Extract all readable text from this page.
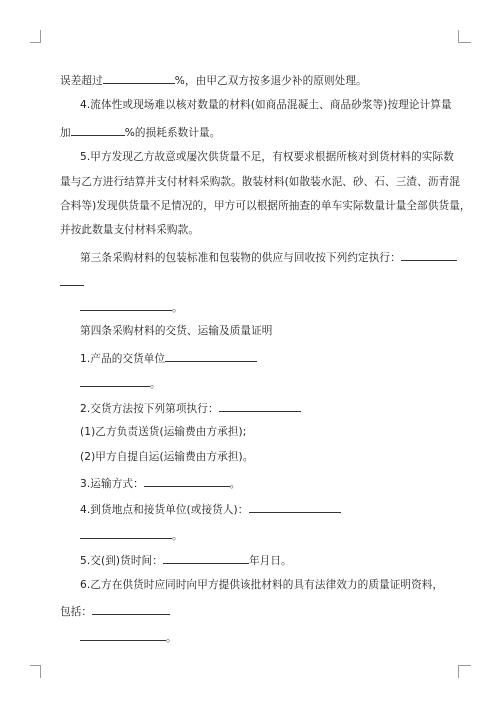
误差超过	%，由甲乙双方按多退少补的原则处理。
4.流体性或现场难以核对数量的材料(如商品混凝土、商品砂浆等)按理论计算量
加	%的损耗系数计量。
5.甲方发现乙方故意或屡次供货量不足，有权要求根据所核对到货材料的实际数
量与乙方进行结算并支付材料采购款。散装材料(如散装水泥、砂、石、三渣、沥青混
合料等)发现供货量不足情况的，甲方可以根据所抽查的单车实际数量计量全部供货量，
并按此数量支付材料采购款。
第三条采购材料的包装标准和包装物的供应与回收按下列约定执行：
。
第四条采购材料的交货、运输及质量证明
1.产品的交货单位
。
2.交货方法按下列第项执行：
(1)乙方负责送货(运输费由方承担);
(2)甲方自提自运(运输费由方承担)。
3.运输方式：	。
4.到货地点和接货单位(或接货人)：
。
5.交(到)货时间：	年月日。
6.乙方在供货时应同时向甲方提供该批材料的具有法律效力的质量证明资料，
包括：
。
